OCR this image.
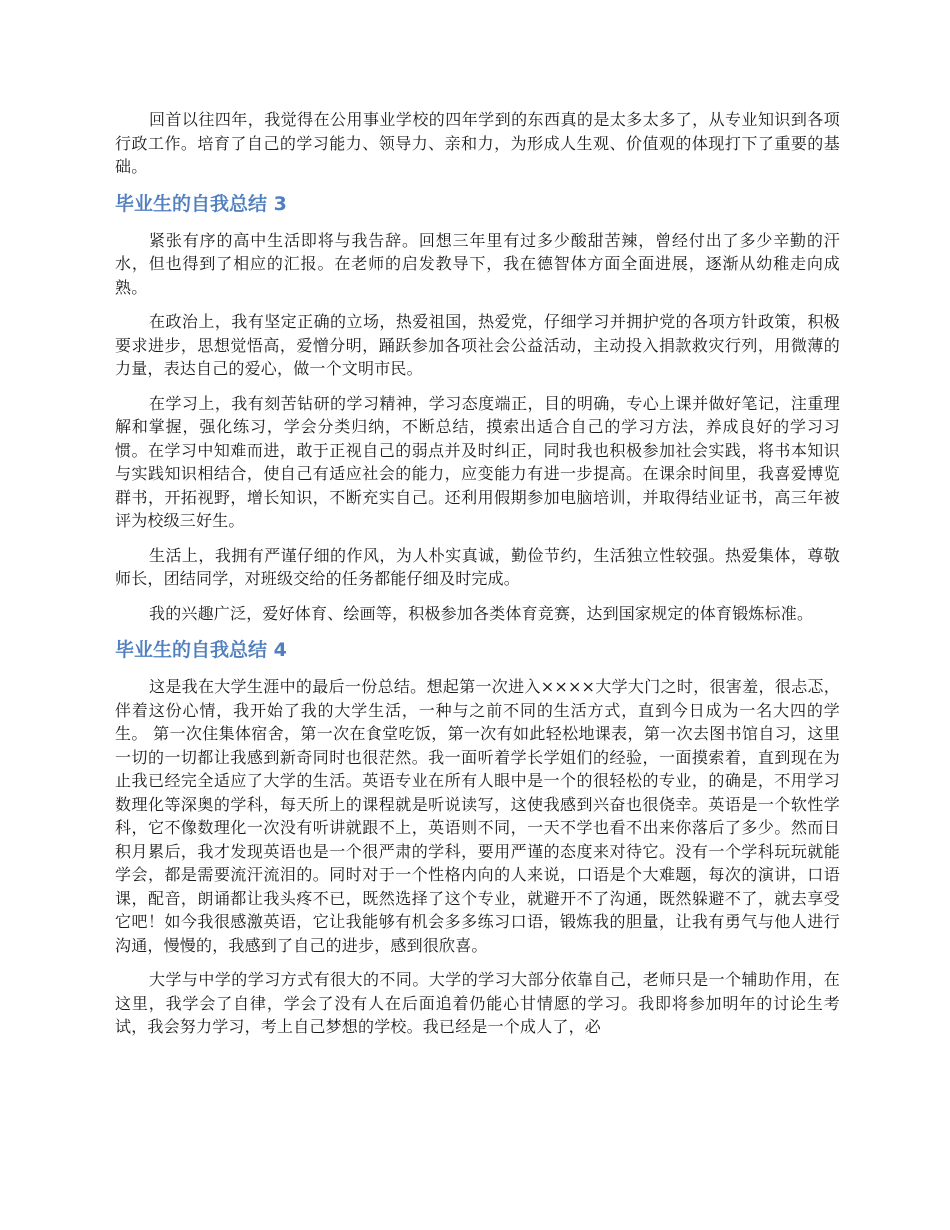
回首以往四年，我觉得在公用事业学校的四年学到的东西真的是太多太多了，从专业知识到各项行政工作。培育了自己的学习能力、领导力、亲和力，为形成人生观、价值观的体现打下了重要的基础。

毕业生的自我总结 3

紧张有序的高中生活即将与我告辞。回想三年里有过多少酸甜苦辣，曾经付出了多少辛勤的汗水，但也得到了相应的汇报。在老师的启发教导下，我在德智体方面全面进展，逐渐从幼稚走向成熟。

在政治上，我有坚定正确的立场，热爱祖国，热爱党，仔细学习并拥护党的各项方针政策，积极要求进步，思想觉悟高，爱憎分明，踊跃参加各项社会公益活动，主动投入捐款救灾行列，用微薄的力量，表达自己的爱心，做一个文明市民。

在学习上，我有刻苦钻研的学习精神，学习态度端正，目的明确，专心上课并做好笔记，注重理解和掌握，强化练习，学会分类归纳，不断总结，摸索出适合自己的学习方法，养成良好的学习习惯。在学习中知难而进，敢于正视自己的弱点并及时纠正，同时我也积极参加社会实践，将书本知识与实践知识相结合，使自己有适应社会的能力，应变能力有进一步提高。在课余时间里，我喜爱博览群书，开拓视野，增长知识，不断充实自己。还利用假期参加电脑培训，并取得结业证书，高三年被评为校级三好生。

生活上，我拥有严谨仔细的作风，为人朴实真诚，勤俭节约，生活独立性较强。热爱集体，尊敬师长，团结同学，对班级交给的任务都能仔细及时完成。

我的兴趣广泛，爱好体育、绘画等，积极参加各类体育竞赛，达到国家规定的体育锻炼标准。

毕业生的自我总结 4

这是我在大学生涯中的最后一份总结。想起第一次进入××××大学大门之时，很害羞，很忐忑，伴着这份心情，我开始了我的大学生活，一种与之前不同的生活方式，直到今日成为一名大四的学生。 第一次住集体宿舍，第一次在食堂吃饭，第一次有如此轻松地课表，第一次去图书馆自习，这里一切的一切都让我感到新奇同时也很茫然。我一面听着学长学姐们的经验，一面摸索着，直到现在为止我已经完全适应了大学的生活。英语专业在所有人眼中是一个的很轻松的专业，的确是，不用学习数理化等深奥的学科，每天所上的课程就是听说读写，这使我感到兴奋也很侥幸。英语是一个软性学科，它不像数理化一次没有听讲就跟不上，英语则不同，一天不学也看不出来你落后了多少。然而日积月累后，我才发现英语也是一个很严肃的学科，要用严谨的态度来对待它。没有一个学科玩玩就能学会，都是需要流汗流泪的。同时对于一个性格内向的人来说，口语是个大难题，每次的演讲，口语课，配音，朗诵都让我头疼不已，既然选择了这个专业，就避开不了沟通，既然躲避不了，就去享受它吧！如今我很感激英语，它让我能够有机会多多练习口语，锻炼我的胆量，让我有勇气与他人进行沟通，慢慢的，我感到了自己的进步，感到很欣喜。

大学与中学的学习方式有很大的不同。大学的学习大部分依靠自己，老师只是一个辅助作用，在这里，我学会了自律，学会了没有人在后面追着仍能心甘情愿的学习。我即将参加明年的讨论生考试，我会努力学习，考上自己梦想的学校。我已经是一个成人了，必
